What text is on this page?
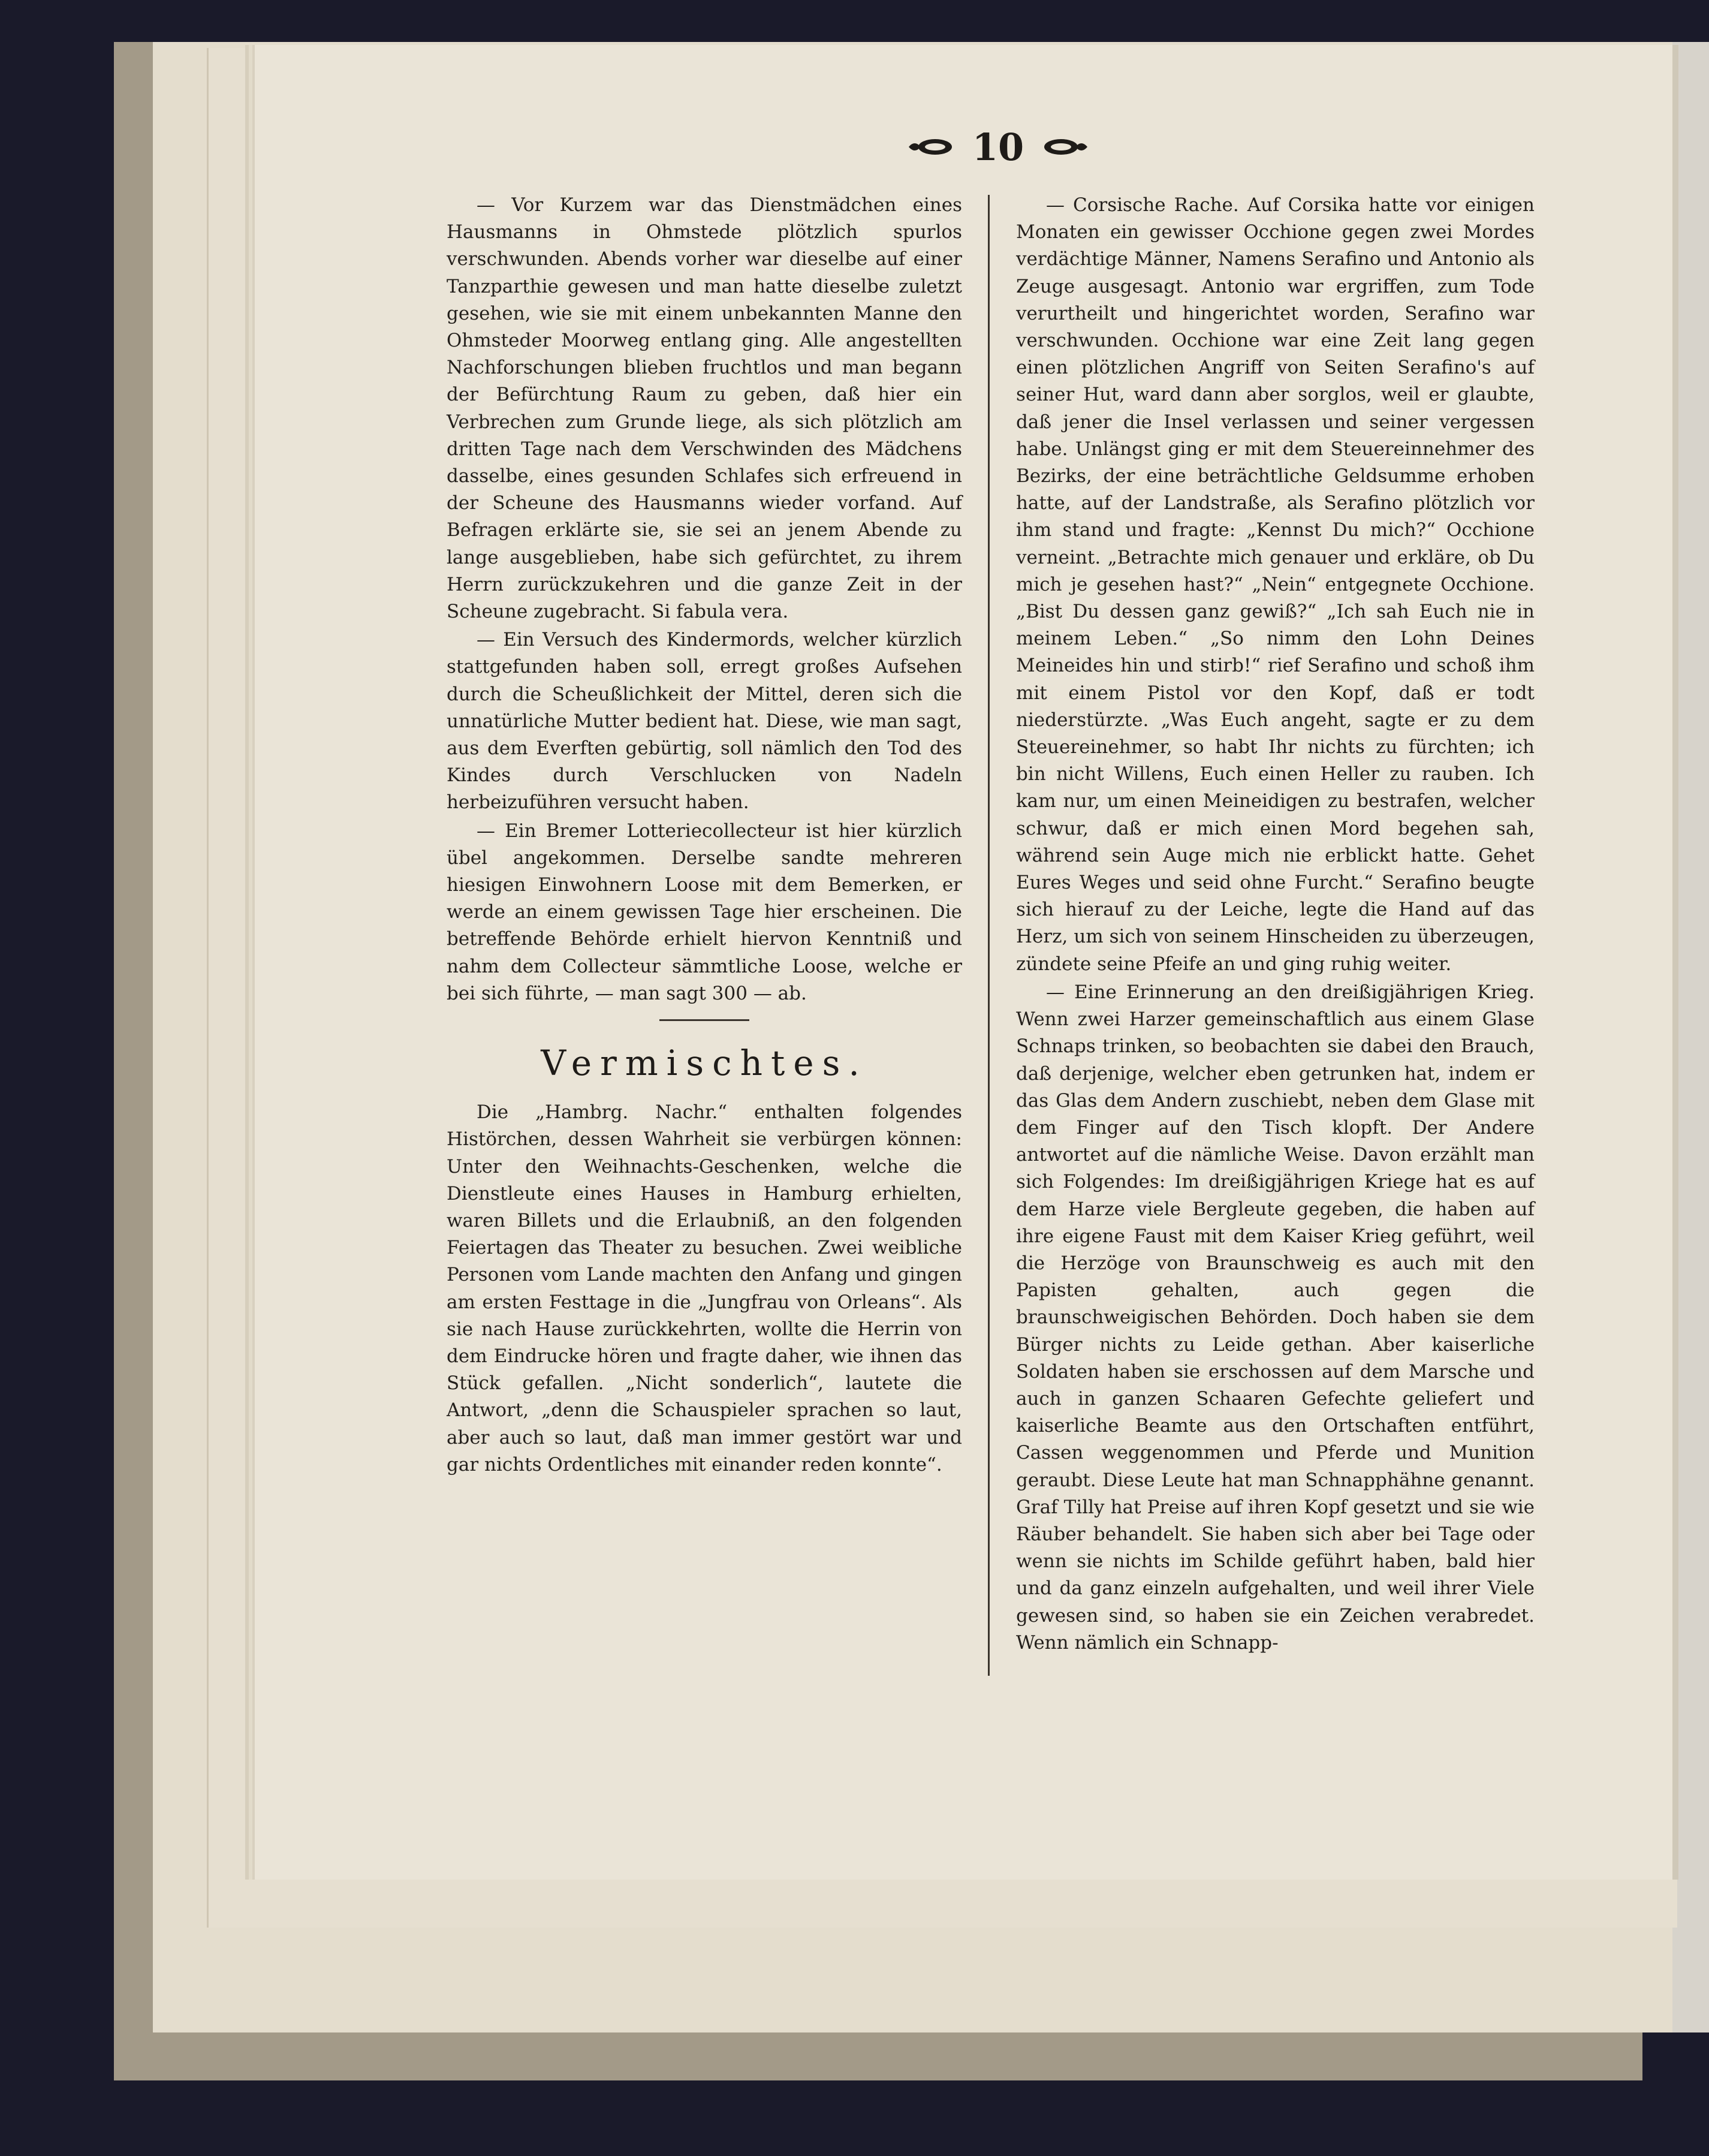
10

— Vor Kurzem war das Dienstmädchen eines Hausmanns in Ohmstede plötzlich spurlos verschwunden. Abends vorher war dieselbe auf einer Tanzparthie gewesen und man hatte dieselbe zuletzt gesehen, wie sie mit einem unbekannten Manne den Ohmsteder Moorweg entlang ging. Alle angestellten Nachforschungen blieben fruchtlos und man begann der Befürchtung Raum zu geben, daß hier ein Verbrechen zum Grunde liege, als sich plötzlich am dritten Tage nach dem Verschwinden des Mädchens dasselbe, eines gesunden Schlafes sich erfreuend in der Scheune des Hausmanns wieder vorfand. Auf Befragen erklärte sie, sie sei an jenem Abende zu lange ausgeblieben, habe sich gefürchtet, zu ihrem Herrn zurückzukehren und die ganze Zeit in der Scheune zugebracht. Si fabula vera.

— Ein Versuch des Kindermords, welcher kürzlich stattgefunden haben soll, erregt großes Aufsehen durch die Scheußlichkeit der Mittel, deren sich die unnatürliche Mutter bedient hat. Diese, wie man sagt, aus dem Everften gebürtig, soll nämlich den Tod des Kindes durch Verschlucken von Nadeln herbeizuführen versucht haben.

— Ein Bremer Lotteriecollecteur ist hier kürzlich übel angekommen. Derselbe sandte mehreren hiesigen Einwohnern Loose mit dem Bemerken, er werde an einem gewissen Tage hier erscheinen. Die betreffende Behörde erhielt hiervon Kenntniß und nahm dem Collecteur sämmtliche Loose, welche er bei sich führte, — man sagt 300 — ab.

Vermischtes.

Die „Hambrg. Nachr.“ enthalten folgendes Histörchen, dessen Wahrheit sie verbürgen können: Unter den Weihnachts-Geschenken, welche die Dienstleute eines Hauses in Hamburg erhielten, waren Billets und die Erlaubniß, an den folgenden Feiertagen das Theater zu besuchen. Zwei weibliche Personen vom Lande machten den Anfang und gingen am ersten Festtage in die „Jungfrau von Orleans“. Als sie nach Hause zurückkehrten, wollte die Herrin von dem Eindrucke hören und fragte daher, wie ihnen das Stück gefallen. „Nicht sonderlich“, lautete die Antwort, „denn die Schauspieler sprachen so laut, aber auch so laut, daß man immer gestört war und gar nichts Ordentliches mit einander reden konnte“.

— Corsische Rache. Auf Corsika hatte vor einigen Monaten ein gewisser Occhione gegen zwei Mordes verdächtige Männer, Namens Serafino und Antonio als Zeuge ausgesagt. Antonio war ergriffen, zum Tode verurtheilt und hingerichtet worden, Serafino war verschwunden. Occhione war eine Zeit lang gegen einen plötzlichen Angriff von Seiten Serafino's auf seiner Hut, ward dann aber sorglos, weil er glaubte, daß jener die Insel verlassen und seiner vergessen habe. Unlängst ging er mit dem Steuereinnehmer des Bezirks, der eine beträchtliche Geldsumme erhoben hatte, auf der Landstraße, als Serafino plötzlich vor ihm stand und fragte: „Kennst Du mich?“ Occhione verneint. „Betrachte mich genauer und erkläre, ob Du mich je gesehen hast?“ „Nein“ entgegnete Occhione. „Bist Du dessen ganz gewiß?“ „Ich sah Euch nie in meinem Leben.“ „So nimm den Lohn Deines Meineides hin und stirb!“ rief Serafino und schoß ihm mit einem Pistol vor den Kopf, daß er todt niederstürzte. „Was Euch angeht, sagte er zu dem Steuereinehmer, so habt Ihr nichts zu fürchten; ich bin nicht Willens, Euch einen Heller zu rauben. Ich kam nur, um einen Meineidigen zu bestrafen, welcher schwur, daß er mich einen Mord begehen sah, während sein Auge mich nie erblickt hatte. Gehet Eures Weges und seid ohne Furcht.“ Serafino beugte sich hierauf zu der Leiche, legte die Hand auf das Herz, um sich von seinem Hinscheiden zu überzeugen, zündete seine Pfeife an und ging ruhig weiter.

— Eine Erinnerung an den dreißigjährigen Krieg. Wenn zwei Harzer gemeinschaftlich aus einem Glase Schnaps trinken, so beobachten sie dabei den Brauch, daß derjenige, welcher eben getrunken hat, indem er das Glas dem Andern zuschiebt, neben dem Glase mit dem Finger auf den Tisch klopft. Der Andere antwortet auf die nämliche Weise. Davon erzählt man sich Folgendes: Im dreißigjährigen Kriege hat es auf dem Harze viele Bergleute gegeben, die haben auf ihre eigene Faust mit dem Kaiser Krieg geführt, weil die Herzöge von Braunschweig es auch mit den Papisten gehalten, auch gegen die braunschweigischen Behörden. Doch haben sie dem Bürger nichts zu Leide gethan. Aber kaiserliche Soldaten haben sie erschossen auf dem Marsche und auch in ganzen Schaaren Gefechte geliefert und kaiserliche Beamte aus den Ortschaften entführt, Cassen weggenommen und Pferde und Munition geraubt. Diese Leute hat man Schnapphähne genannt. Graf Tilly hat Preise auf ihren Kopf gesetzt und sie wie Räuber behandelt. Sie haben sich aber bei Tage oder wenn sie nichts im Schilde geführt haben, bald hier und da ganz einzeln aufgehalten, und weil ihrer Viele gewesen sind, so haben sie ein Zeichen verabredet. Wenn nämlich ein Schnapp-
